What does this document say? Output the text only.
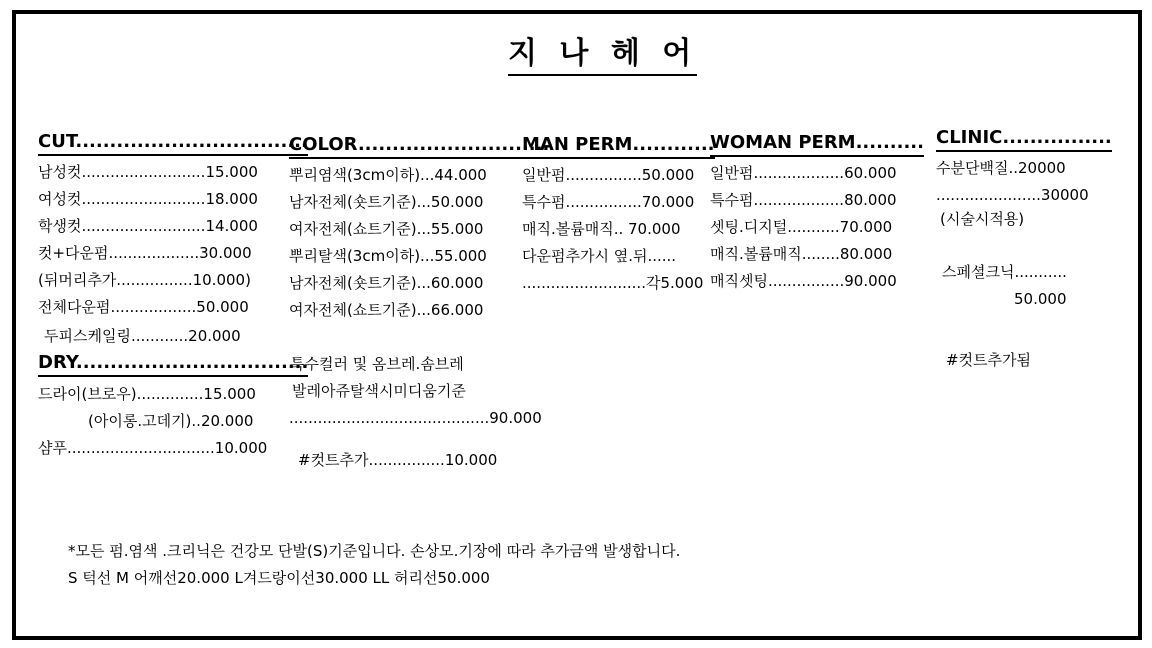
지 나 헤 어
CUT..................................
남성컷..........................15.000
여성컷..........................18.000
학생컷..........................14.000
컷+다운펌...................30.000
(뒤머리추가................10.000)
전체다운펌..................50.000
두피스케일링............20.000
DRY..................................
드라이(브로우)..............15.000
(아이롱.고데기)..20.000
샴푸...............................10.000
COLOR............................
뿌리염색(3cm이하)...44.000
남자전체(숏트기준)...50.000
여자전체(쇼트기준)...55.000
뿌리탈색(3cm이하)...55.000
남자전체(숏트기준)...60.000
여자전체(쇼트기준)...66.000
특수컬러 및 옴브레.솜브레
발레아쥬탈색시미디움기준
..........................................90.000
#컷트추가................10.000
MAN PERM............
일반펌................50.000
특수펌................70.000
매직.볼륨매직.. 70.000
다운펌추가시 옆.뒤......
..........................각5.000
WOMAN PERM..........
일반펌...................60.000
특수펌...................80.000
셋팅.디지털...........70.000
매직.볼륨매직........80.000
매직셋팅................90.000
CLINIC................
수분단백질..20000
......................30000
(시술시적용)
스페셜크닉...........
50.000
#컷트추가됨
*모든 펌.염색 .크리닉은 건강모 단발(S)기준입니다. 손상모.기장에 따라 추가금액 발생합니다.
S 턱선 M 어깨선20.000 L겨드랑이선30.000 LL 허리선50.000
